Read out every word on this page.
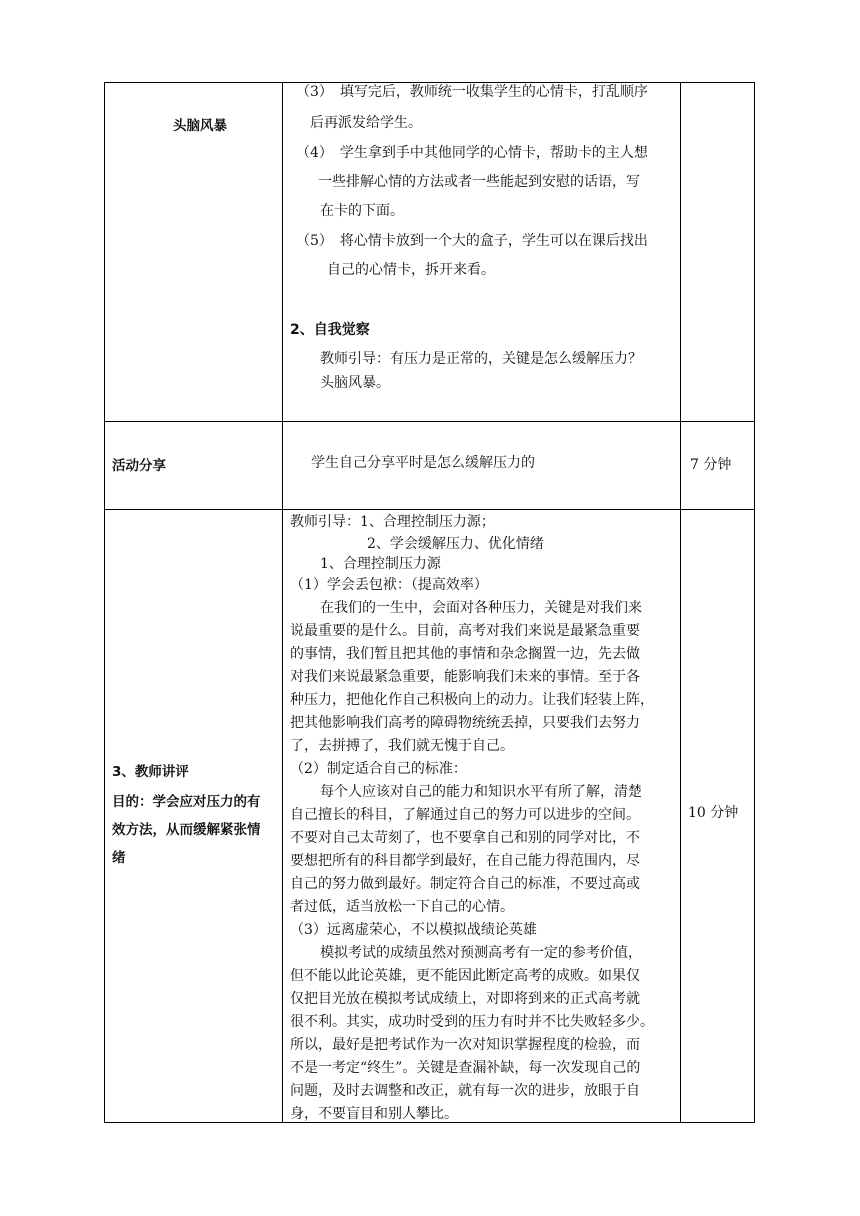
头脑风暴
（3）　填写完后，教师统一收集学生的心情卡，打乱顺序
后再派发给学生。
（4）　学生拿到手中其他同学的心情卡，帮助卡的主人想
一些排解心情的方法或者一些能起到安慰的话语，写
在卡的下面。
（5）　将心情卡放到一个大的盒子，学生可以在课后找出
自己的心情卡，拆开来看。
2、自我觉察
教师引导：有压力是正常的，关键是怎么缓解压力？
头脑风暴。
活动分享	学生自己分享平时是怎么缓解压力的	7 分钟
3、教师讲评
目的：学会应对压力的有
效方法，从而缓解紧张情
绪
10 分钟
教师引导：1、合理控制压力源；
2、学会缓解压力、优化情绪
1、合理控制压力源
（1）学会丢包袱：（提高效率）
在我们的一生中，会面对各种压力，关键是对我们来
说最重要的是什么。目前，高考对我们来说是最紧急重要
的事情，我们暂且把其他的事情和杂念搁置一边，先去做
对我们来说最紧急重要，能影响我们未来的事情。至于各
种压力，把他化作自己积极向上的动力。让我们轻装上阵，
把其他影响我们高考的障碍物统统丢掉，只要我们去努力
了，去拼搏了，我们就无愧于自己。
（2）制定适合自己的标准：
每个人应该对自己的能力和知识水平有所了解，清楚
自己擅长的科目，了解通过自己的努力可以进步的空间。
不要对自己太苛刻了，也不要拿自己和别的同学对比，不
要想把所有的科目都学到最好，在自己能力得范围内，尽
自己的努力做到最好。制定符合自己的标准，不要过高或
者过低，适当放松一下自己的心情。
（3）远离虚荣心，不以模拟战绩论英雄
模拟考试的成绩虽然对预测高考有一定的参考价值，
但不能以此论英雄，更不能因此断定高考的成败。如果仅
仅把目光放在模拟考试成绩上，对即将到来的正式高考就
很不利。其实，成功时受到的压力有时并不比失败轻多少。
所以，最好是把考试作为一次对知识掌握程度的检验，而
不是一考定“终生”。关键是查漏补缺，每一次发现自己的
问题，及时去调整和改正，就有每一次的进步，放眼于自
身，不要盲目和别人攀比。
